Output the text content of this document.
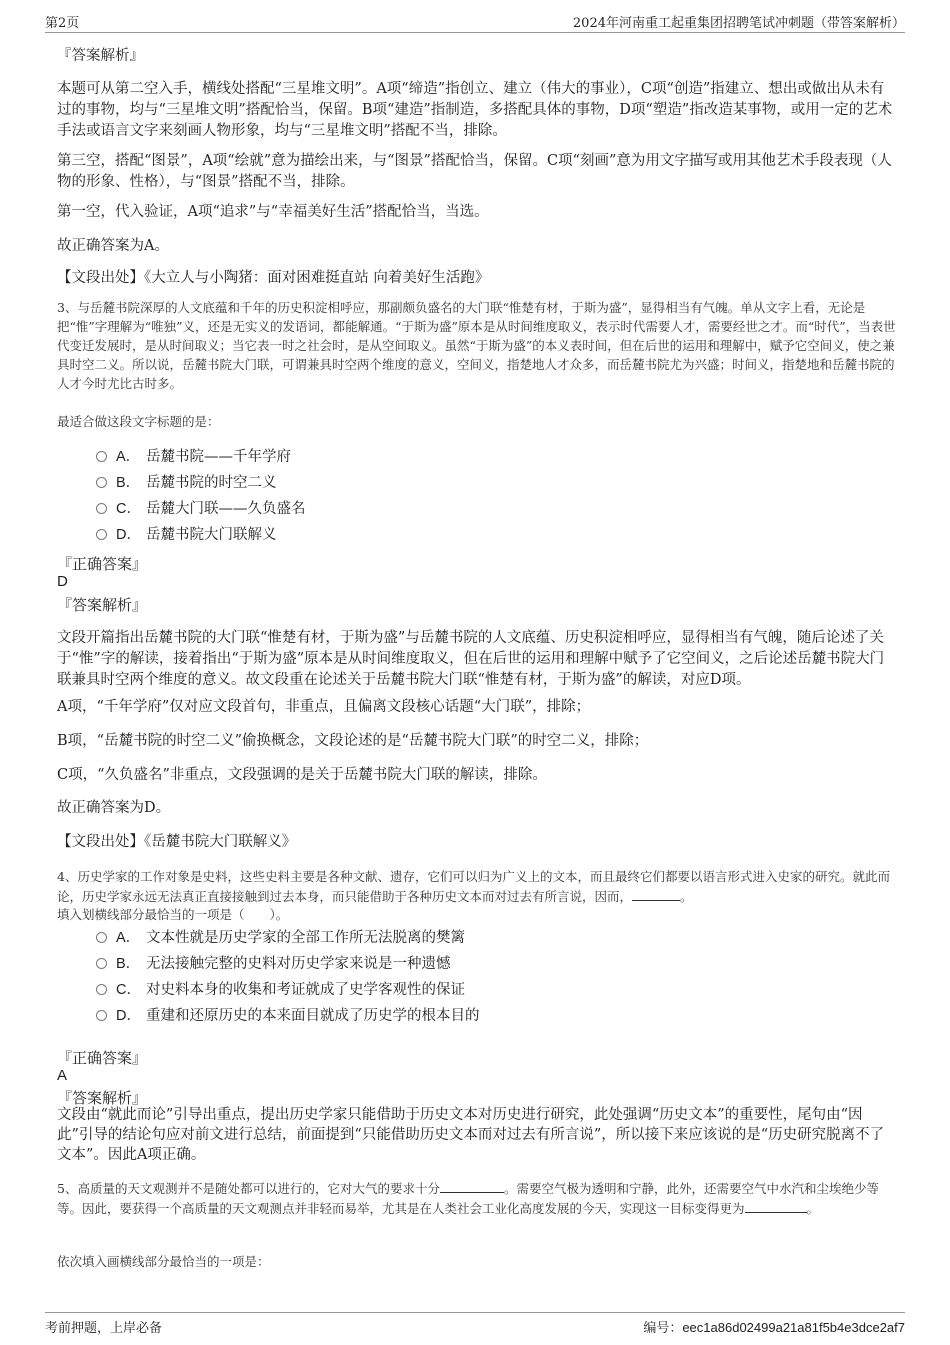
第2页	2024年河南重工起重集团招聘笔试冲刺题（带答案解析）

『答案解析』

本题可从第二空入手，横线处搭配“三星堆文明”。A项“缔造”指创立、建立（伟大的事业），C项“创造”指建立、想出或做出从未有过的事物，均与“三星堆文明”搭配恰当，保留。B项“建造”指制造，多搭配具体的事物，D项“塑造”指改造某事物，或用一定的艺术手法或语言文字来刻画人物形象，均与“三星堆文明”搭配不当，排除。

第三空，搭配“图景”，A项“绘就”意为描绘出来，与“图景”搭配恰当，保留。C项“刻画”意为用文字描写或用其他艺术手段表现（人物的形象、性格），与“图景”搭配不当，排除。

第一空，代入验证，A项“追求”与“幸福美好生活”搭配恰当，当选。

故正确答案为A。

【文段出处】《大立人与小陶猪：面对困难挺直站 向着美好生活跑》

3、与岳麓书院深厚的人文底蕴和千年的历史积淀相呼应，那副颇负盛名的大门联“惟楚有材，于斯为盛”，显得相当有气魄。单从文字上看，无论是把“惟”字理解为“唯独”义，还是无实义的发语词，都能解通。“于斯为盛”原本是从时间维度取义，表示时代需要人才，需要经世之才。而“时代”，当表世代变迁发展时，是从时间取义；当它表一时之社会时，是从空间取义。虽然“于斯为盛”的本义表时间，但在后世的运用和理解中，赋予它空间义，使之兼具时空二义。所以说，岳麓书院大门联，可谓兼具时空两个维度的意义，空间义，指楚地人才众多，而岳麓书院尤为兴盛；时间义，指楚地和岳麓书院的人才今时尤比古时多。

最适合做这段文字标题的是：

A． 岳麓书院——千年学府
B． 岳麓书院的时空二义
C． 岳麓大门联——久负盛名
D． 岳麓书院大门联解义
『正确答案』
D
『答案解析』

文段开篇指出岳麓书院的大门联“惟楚有材，于斯为盛”与岳麓书院的人文底蕴、历史积淀相呼应，显得相当有气魄，随后论述了关于“惟”字的解读，接着指出“于斯为盛”原本是从时间维度取义，但在后世的运用和理解中赋予了它空间义，之后论述岳麓书院大门联兼具时空两个维度的意义。故文段重在论述关于岳麓书院大门联“惟楚有材，于斯为盛”的解读，对应D项。

A项，“千年学府”仅对应文段首句，非重点，且偏离文段核心话题“大门联”，排除；

B项，“岳麓书院的时空二义”偷换概念，文段论述的是“岳麓书院大门联”的时空二义，排除；

C项，“久负盛名”非重点，文段强调的是关于岳麓书院大门联的解读，排除。

故正确答案为D。

【文段出处】《岳麓书院大门联解义》

4、历史学家的工作对象是史料，这些史料主要是各种文献、遗存，它们可以归为广义上的文本，而且最终它们都要以语言形式进入史家的研究。就此而论，历史学家永远无法真正直接接触到过去本身，而只能借助于各种历史文本而对过去有所言说，因而，	。

填入划横线部分最恰当的一项是（　　）。

A． 文本性就是历史学家的全部工作所无法脱离的樊篱
B． 无法接触完整的史料对历史学家来说是一种遗憾
C． 对史料本身的收集和考证就成了史学客观性的保证
D． 重建和还原历史的本来面目就成了历史学的根本目的
『正确答案』
A
『答案解析』

文段由“就此而论”引导出重点，提出历史学家只能借助于历史文本对历史进行研究，此处强调“历史文本”的重要性，尾句由“因此”引导的结论句应对前文进行总结，前面提到“只能借助历史文本而对过去有所言说”，所以接下来应该说的是“历史研究脱离不了文本”。因此A项正确。

5、高质量的天文观测并不是随处都可以进行的，它对大气的要求十分	。需要空气极为透明和宁静，此外，还需要空气中水汽和尘埃绝少等等。因此，要获得一个高质量的天文观测点并非轻而易举，尤其是在人类社会工业化高度发展的今天，实现这一目标变得更为	。

依次填入画横线部分最恰当的一项是：

考前押题，上岸必备	编号：eec1a86d02499a21a81f5b4e3dce2af7
